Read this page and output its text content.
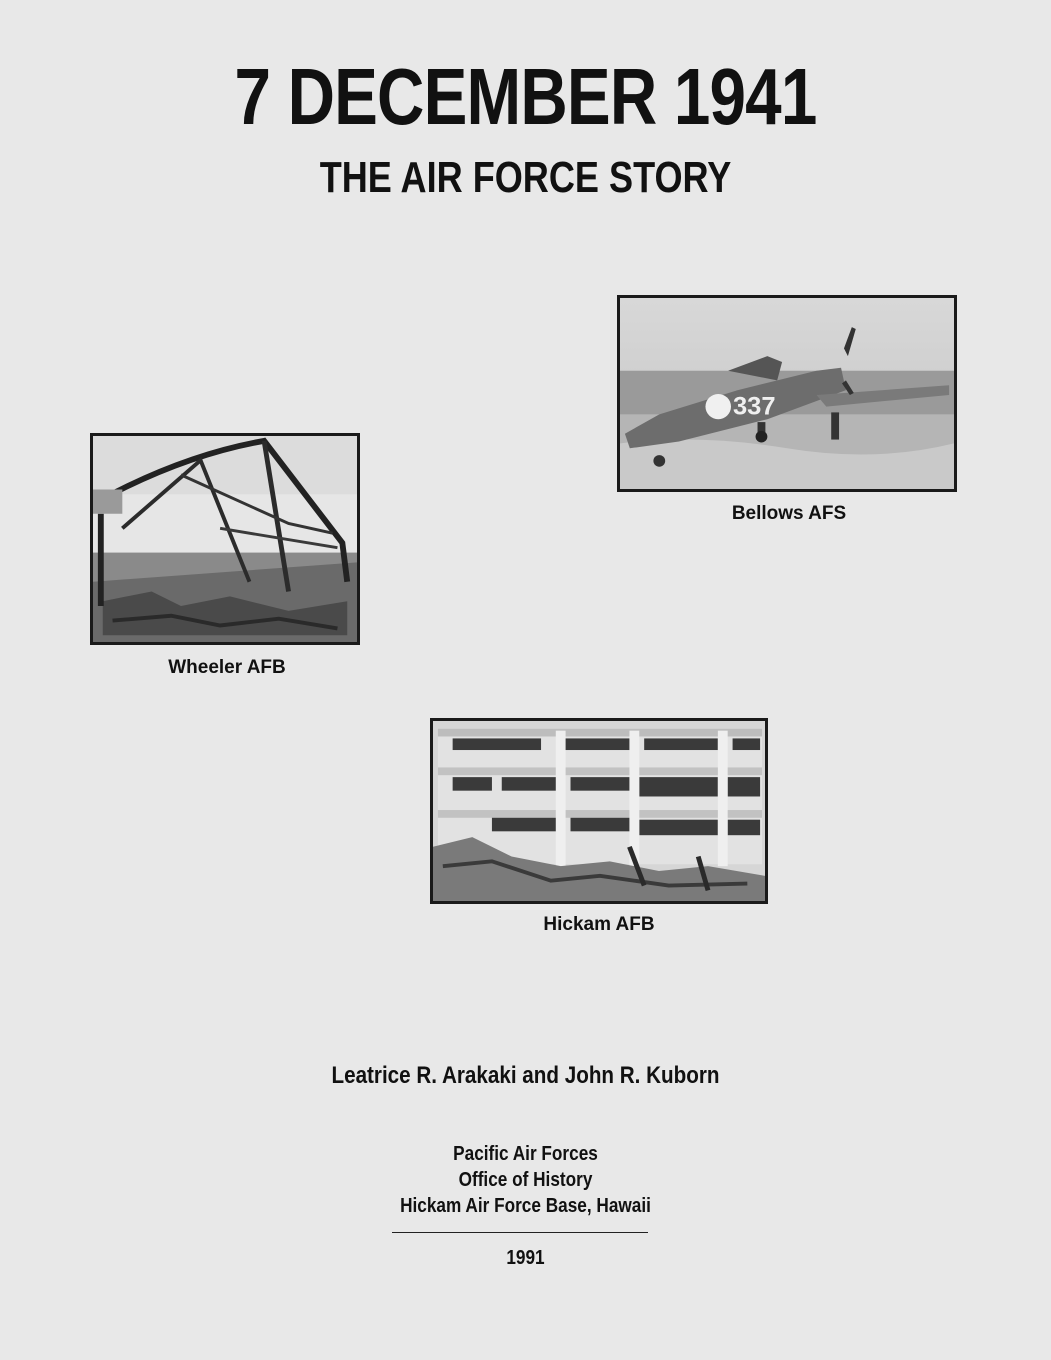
7 DECEMBER 1941
THE AIR FORCE STORY
337
Bellows AFS
Wheeler AFB
Hickam AFB
Leatrice R. Arakaki and John R. Kuborn
Pacific Air Forces
Office of History
Hickam Air Force Base, Hawaii
1991
